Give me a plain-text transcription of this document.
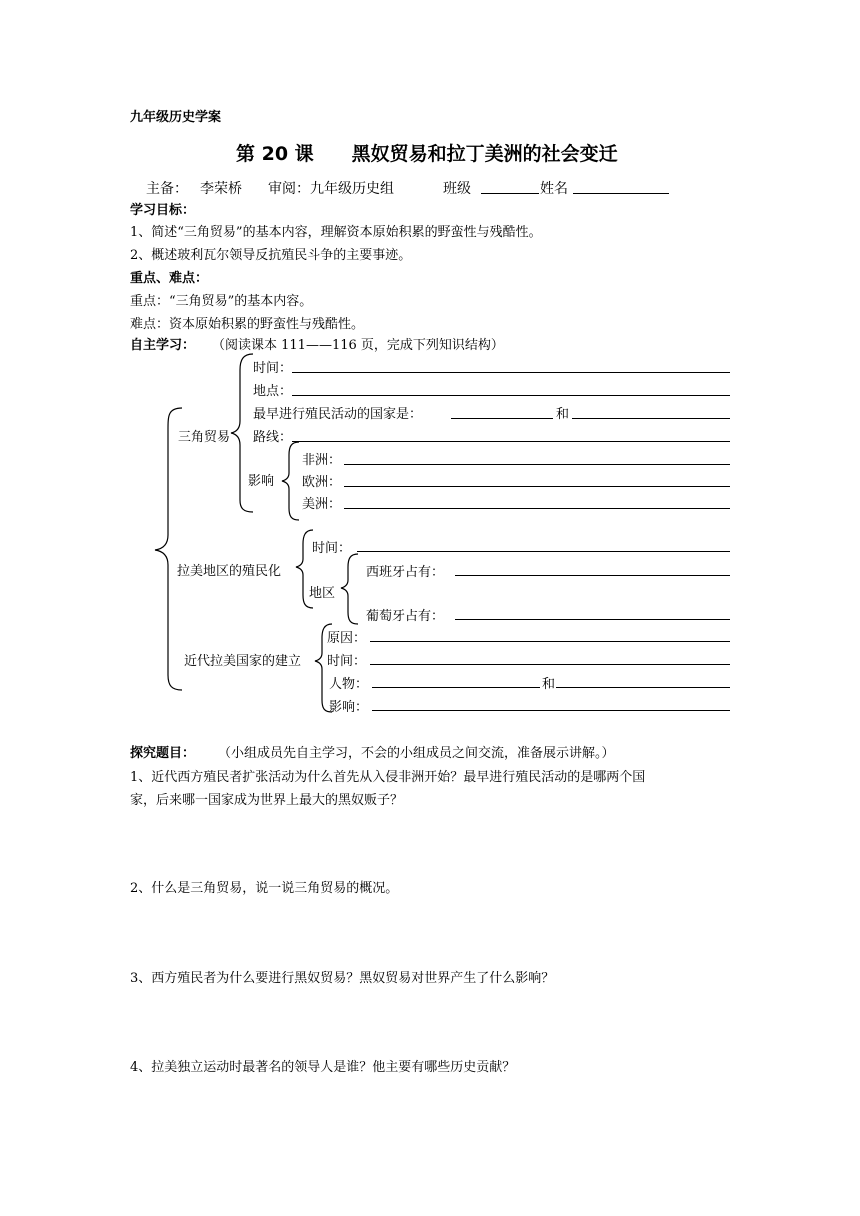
九年级历史学案
第 20 课　　黑奴贸易和拉丁美洲的社会变迁
主备： 李荣桥 审阅：九年级历史组	班级	姓名
学习目标：
1、简述“三角贸易”的基本内容，理解资本原始积累的野蛮性与残酷性。
2、概述玻利瓦尔领导反抗殖民斗争的主要事迹。
重点、难点：
重点：“三角贸易”的基本内容。
难点：资本原始积累的野蛮性与残酷性。
自主学习： （阅读课本 111——116 页，完成下列知识结构）
三角贸易
时间：
地点：
最早进行殖民活动的国家是：	和
路线：
影响
非洲：
欧洲：
美洲：
拉美地区的殖民化
时间：
地区
西班牙占有：
葡萄牙占有：
近代拉美国家的建立
原因：
时间：
人物：	和
影响：
探究题目： （小组成员先自主学习，不会的小组成员之间交流，准备展示讲解。）
1、近代西方殖民者扩张活动为什么首先从入侵非洲开始？最早进行殖民活动的是哪两个国
家，后来哪一国家成为世界上最大的黑奴贩子？
2、什么是三角贸易，说一说三角贸易的概况。
3、西方殖民者为什么要进行黑奴贸易？黑奴贸易对世界产生了什么影响？
4、拉美独立运动时最著名的领导人是谁？他主要有哪些历史贡献？
